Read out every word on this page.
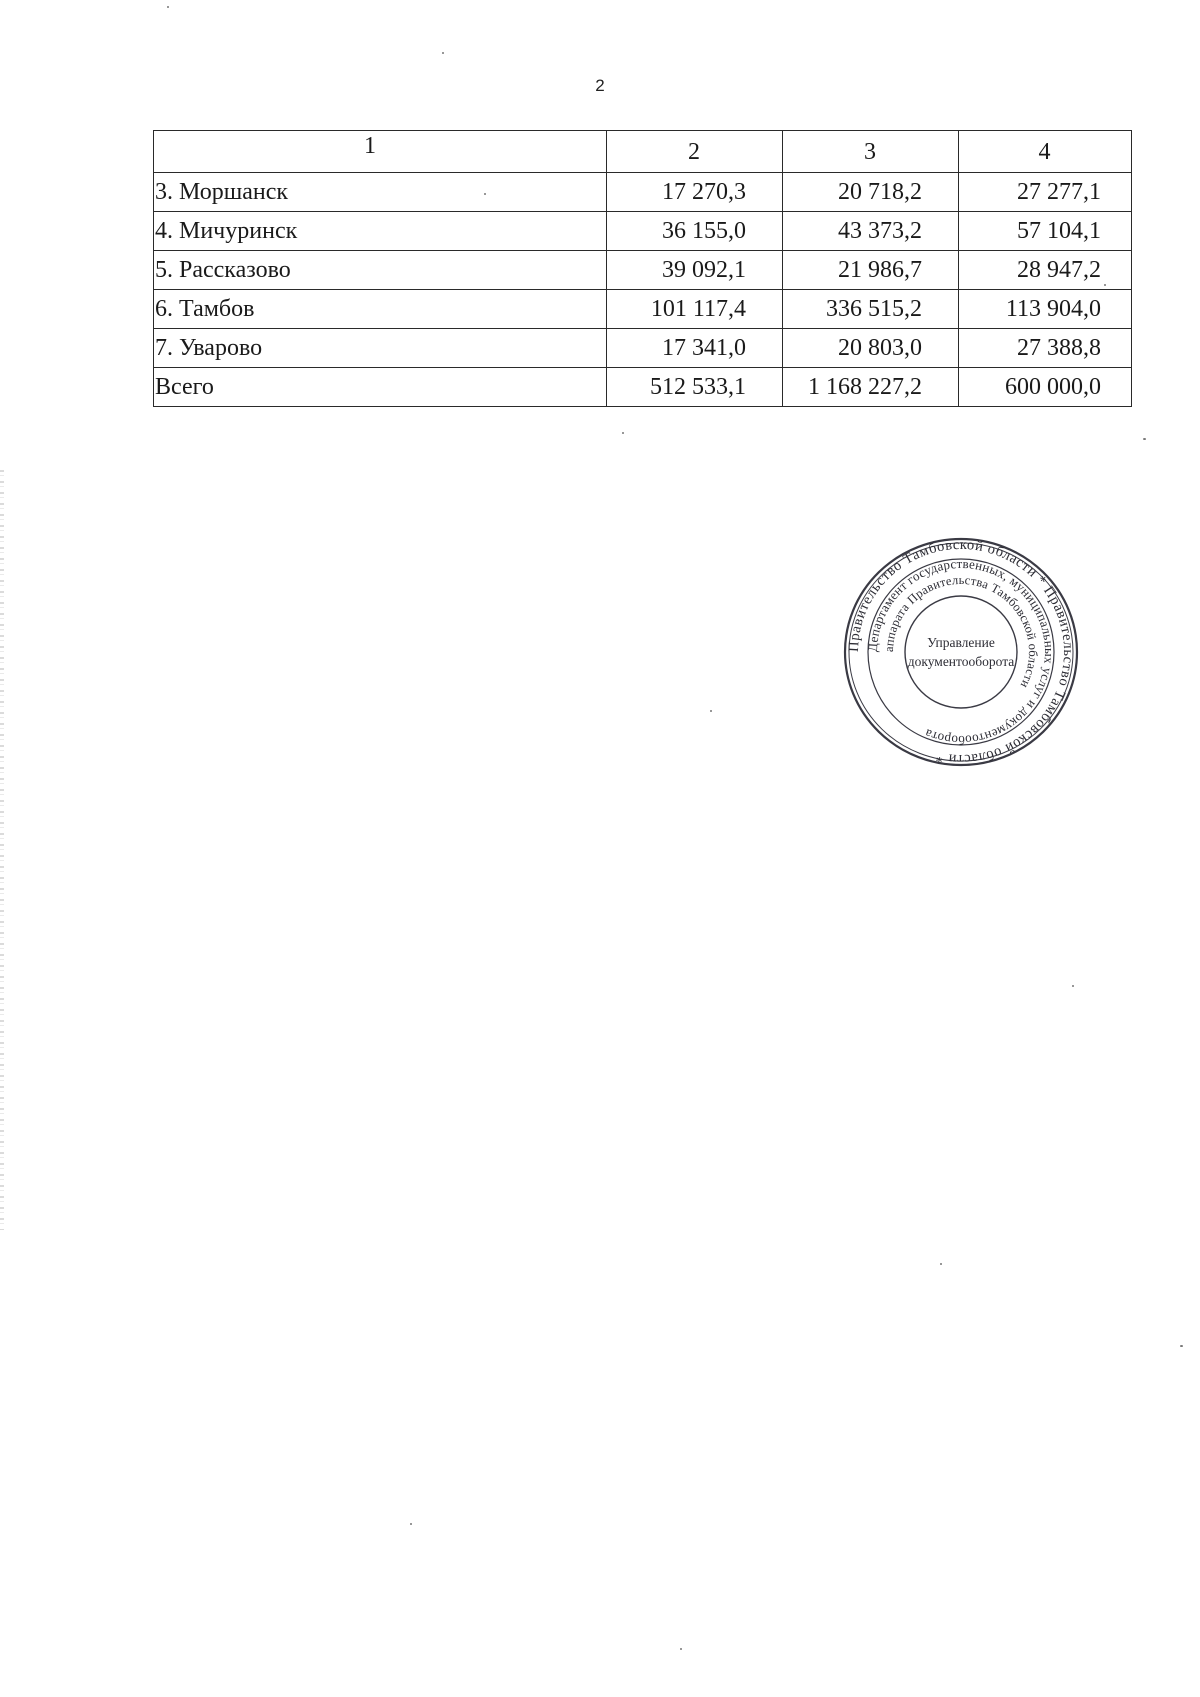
2
1	2	3	4
3. Моршанск	17 270,3	20 718,2	27 277,1
4. Мичуринск	36 155,0	43 373,2	57 104,1
5. Рассказово	39 092,1	21 986,7	28 947,2
6. Тамбов	101 117,4	336 515,2	113 904,0
7. Уварово	17 341,0	20 803,0	27 388,8
Всего	512 533,1	1 168 227,2	600 000,0
Правительство Тамбовской области * Правительство Тамбовской области *
Департамент государственных, муниципальных услуг и документооборота
аппарата Правительства Тамбовской области
Управление
документооборота
